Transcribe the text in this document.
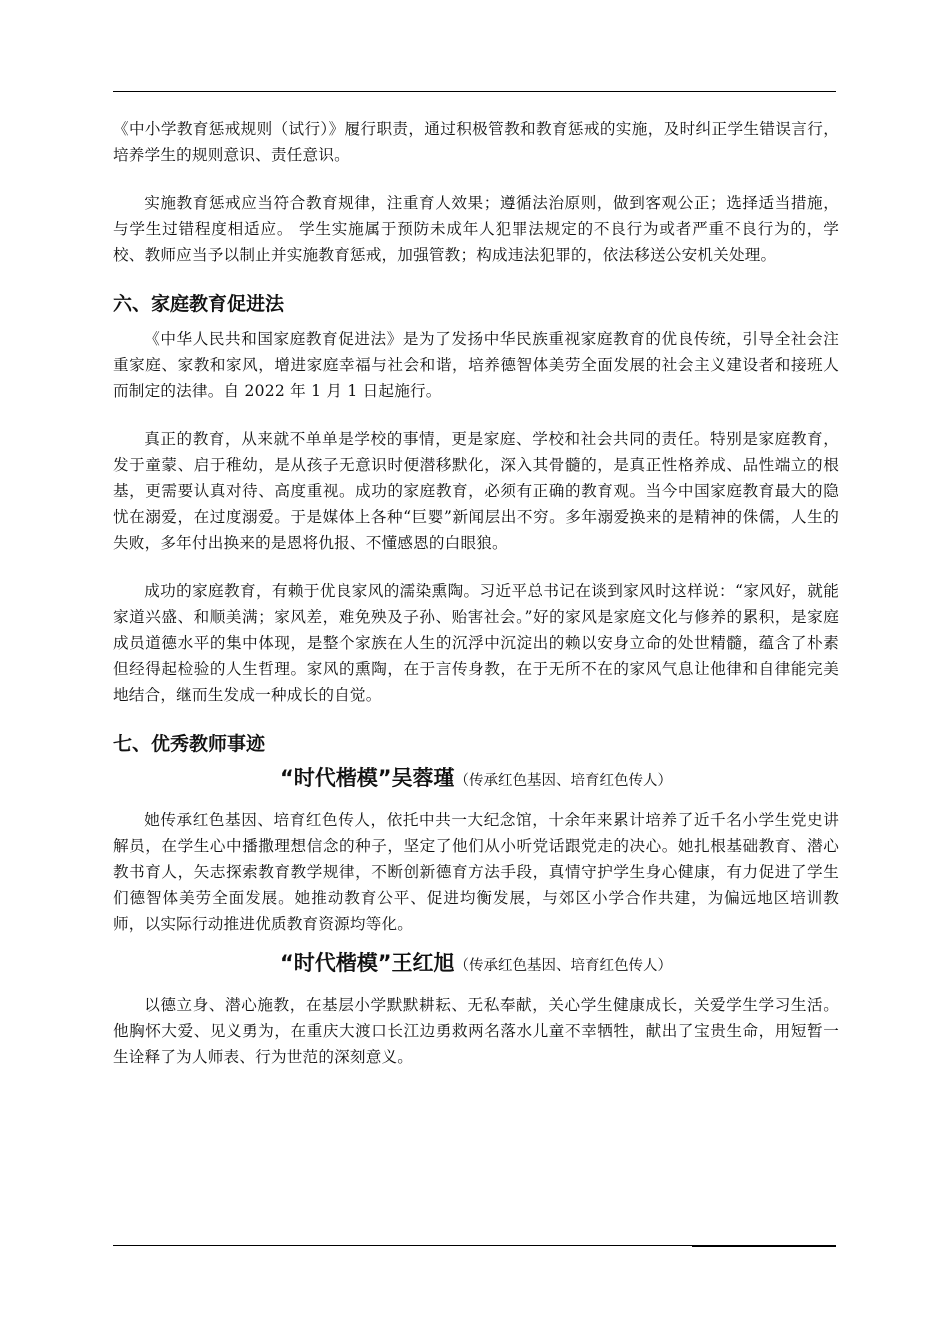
《中小学教育惩戒规则（试行）》履行职责，通过积极管教和教育惩戒的实施，及时纠正学生错误言行，培养学生的规则意识、责任意识。

实施教育惩戒应当符合教育规律，注重育人效果；遵循法治原则，做到客观公正；选择适当措施，与学生过错程度相适应。 学生实施属于预防未成年人犯罪法规定的不良行为或者严重不良行为的，学校、教师应当予以制止并实施教育惩戒，加强管教；构成违法犯罪的，依法移送公安机关处理。

六、家庭教育促进法

《中华人民共和国家庭教育促进法》是为了发扬中华民族重视家庭教育的优良传统，引导全社会注重家庭、家教和家风，增进家庭幸福与社会和谐，培养德智体美劳全面发展的社会主义建设者和接班人而制定的法律。自 2022 年 1 月 1 日起施行。

真正的教育，从来就不单单是学校的事情，更是家庭、学校和社会共同的责任。特别是家庭教育，发于童蒙、启于稚幼，是从孩子无意识时便潜移默化，深入其骨髓的，是真正性格养成、品性端立的根基，更需要认真对待、高度重视。成功的家庭教育，必须有正确的教育观。当今中国家庭教育最大的隐忧在溺爱，在过度溺爱。于是媒体上各种“巨婴”新闻层出不穷。多年溺爱换来的是精神的侏儒，人生的失败，多年付出换来的是恩将仇报、不懂感恩的白眼狼。

成功的家庭教育，有赖于优良家风的濡染熏陶。习近平总书记在谈到家风时这样说：“家风好，就能家道兴盛、和顺美满；家风差，难免殃及子孙、贻害社会。”好的家风是家庭文化与修养的累积，是家庭成员道德水平的集中体现，是整个家族在人生的沉浮中沉淀出的赖以安身立命的处世精髓，蕴含了朴素但经得起检验的人生哲理。家风的熏陶，在于言传身教，在于无所不在的家风气息让他律和自律能完美地结合，继而生发成一种成长的自觉。

七、优秀教师事迹
“时代楷模”吴蓉瑾（传承红色基因、培育红色传人）

她传承红色基因、培育红色传人，依托中共一大纪念馆，十余年来累计培养了近千名小学生党史讲解员，在学生心中播撒理想信念的种子，坚定了他们从小听党话跟党走的决心。她扎根基础教育、潜心教书育人，矢志探索教育教学规律，不断创新德育方法手段，真情守护学生身心健康，有力促进了学生们德智体美劳全面发展。她推动教育公平、促进均衡发展，与郊区小学合作共建，为偏远地区培训教师，以实际行动推进优质教育资源均等化。

“时代楷模”王红旭（传承红色基因、培育红色传人）

以德立身、潜心施教，在基层小学默默耕耘、无私奉献，关心学生健康成长，关爱学生学习生活。他胸怀大爱、见义勇为，在重庆大渡口长江边勇救两名落水儿童不幸牺牲，献出了宝贵生命，用短暂一生诠释了为人师表、行为世范的深刻意义。
